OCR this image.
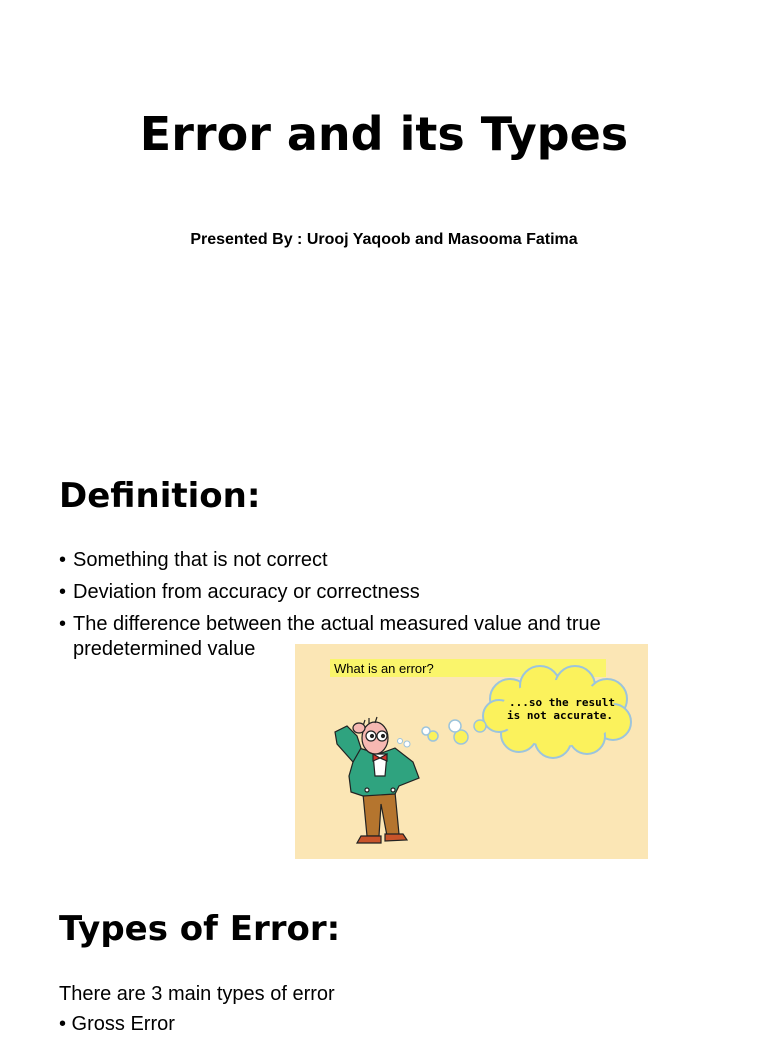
Error and its Types
Presented By : Urooj Yaqoob and Masooma Fatima
Definition:
• Something that is not correct
• Deviation from accuracy or correctness
• The difference between the actual measured value and true predetermined value
What is an error?
...so the result
is not accurate.
Types of Error:
There are 3 main types of error
• Gross Error
